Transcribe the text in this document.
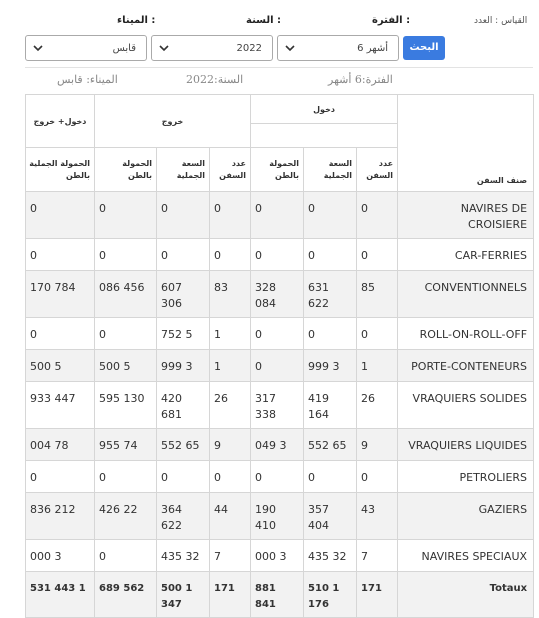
القياس : العدد
الفترة :
السنة :
الميناء :
6 أشهر
2022
قابس	البحث
الفترة:6 أشهر
السنة:2022
الميناء: قابس
صنف السفن	دخول			خروج			دخول+ خروج

	عدد السفن	السعة الجملية	الحمولة بالطن	عدد السفن	السعة الجملية	الحمولة بالطن	الحمولة الجملية بالطن
NAVIRES DE CROISIERE	0	0	0	0	0	0	0
CAR-FERRIES	0	0	0	0	0	0	0
CONVENTIONNELS	85	631 622	328 084	83	607 306	456 086	784 170
ROLL-ON-ROLL-OFF	0	0	0	1	5 752	0	0
PORTE-CONTENEURS	1	3 999	0	1	3 999	5 500	5 500
VRAQUIERS SOLIDES	26	419 164	317 338	26	420 681	130 595	447 933
VRAQUIERS LIQUIDES	9	65 552	3 049	9	65 552	74 955	78 004
PETROLIERS	0	0	0	0	0	0	0
GAZIERS	43	357 404	190 410	44	364 622	22 426	212 836
NAVIRES SPECIAUX	7	32 435	3 000	7	32 435	0	3 000
Totaux	171	1 510 176	881 841	171	1 500 347	562 689	1 443 531
